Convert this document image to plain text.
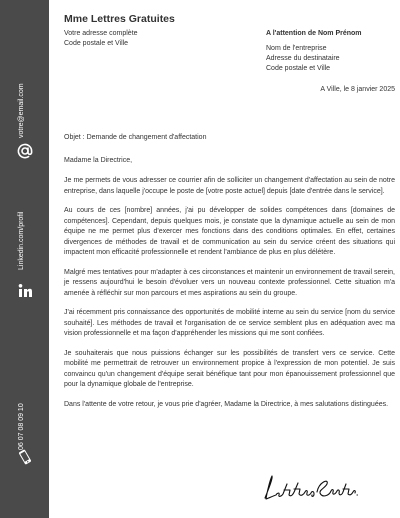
votre@email.com
Linkedin.com/profil
06 07 08 09 10
Mme Lettres Gratuites
Votre adresse complète
Code postale et Ville
A l'attention de Nom Prénom
Nom de l'entreprise
Adresse du destinataire
Code postale et Ville
A Ville, le 8 janvier 2025

Objet : Demande de changement d'affectation

Madame la Directrice,

Je me permets de vous adresser ce courrier afin de solliciter un changement d'affectation au sein de notre entreprise, dans laquelle j'occupe le poste de [votre poste actuel] depuis [date d'entrée dans le service].

Au cours de ces [nombre] années, j'ai pu développer de solides compétences dans [domaines de compétences]. Cependant, depuis quelques mois, je constate que la dynamique actuelle au sein de mon équipe ne me permet plus d'exercer mes fonctions dans des conditions optimales. En effet, certaines divergences de méthodes de travail et de communication au sein du service créent des situations qui impactent mon efficacité professionnelle et rendent l'ambiance de plus en plus délétère.

Malgré mes tentatives pour m'adapter à ces circonstances et maintenir un environnement de travail serein, je ressens aujourd'hui le besoin d'évoluer vers un nouveau contexte professionnel. Cette situation m'a amenée à réfléchir sur mon parcours et mes aspirations au sein du groupe.

J'ai récemment pris connaissance des opportunités de mobilité interne au sein du service [nom du service souhaité]. Les méthodes de travail et l'organisation de ce service semblent plus en adéquation avec ma vision professionnelle et ma façon d'appréhender les missions qui me sont confiées.

Je souhaiterais que nous puissions échanger sur les possibilités de transfert vers ce service. Cette mobilité me permettrait de retrouver un environnement propice à l'expression de mon potentiel. Je suis convaincu qu'un changement d'équipe serait bénéfique tant pour mon épanouissement professionnel que pour la dynamique globale de l'entreprise.

Dans l'attente de votre retour, je vous prie d'agréer, Madame la Directrice, à mes salutations distinguées.
